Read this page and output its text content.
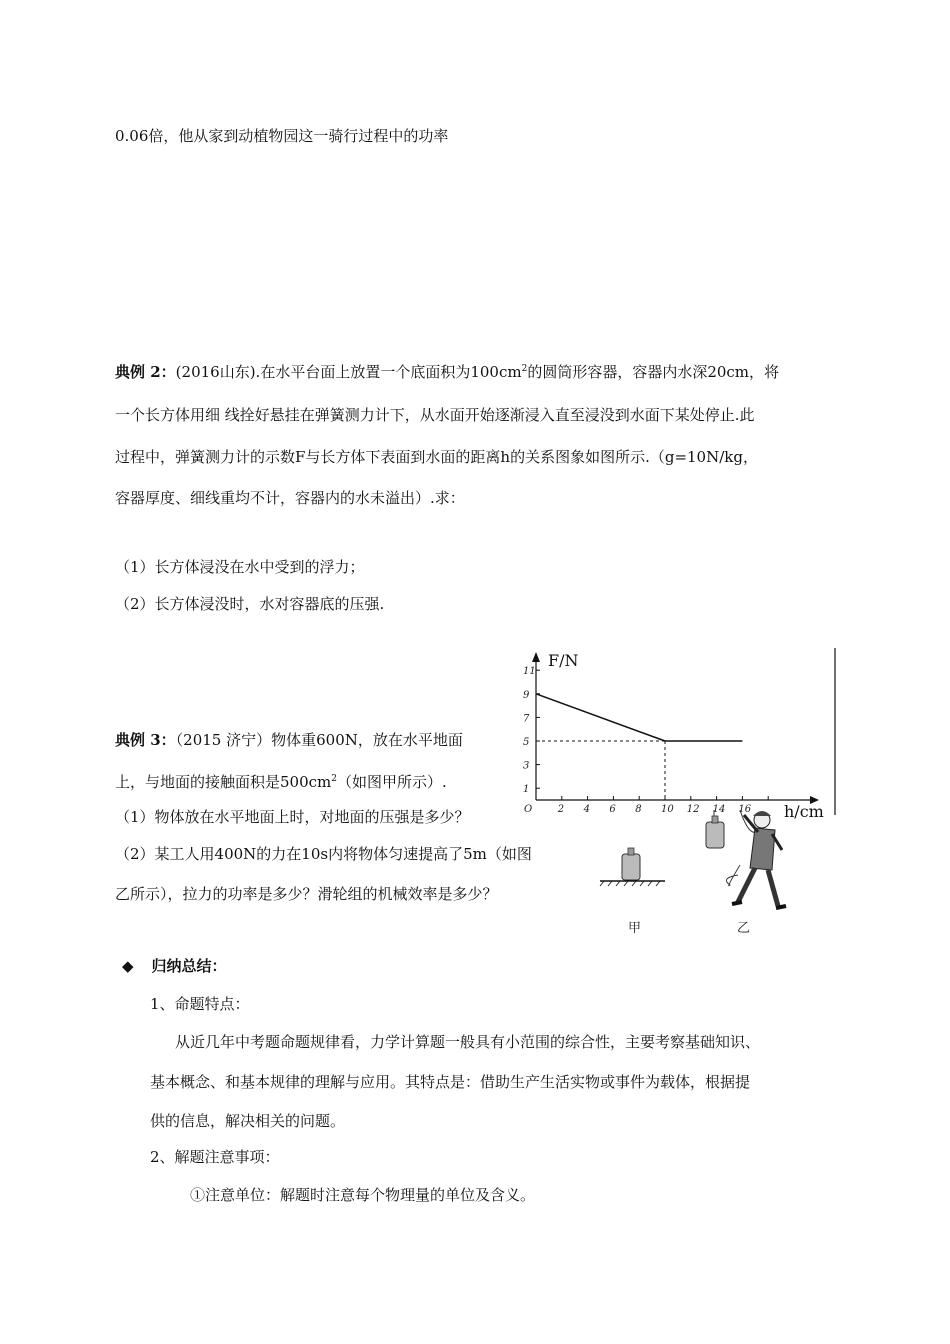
0.06倍，他从家到动植物园这一骑行过程中的功率
典例 2：(2016山东).在水平台面上放置一个底面积为$100cm^2$的圆筒形容器，容器内水深20cm，将
一个长方体用细 线拴好悬挂在弹簧测力计下，从水面开始逐渐浸入直至浸没到水面下某处停止.此
过程中，弹簧测力计的示数F与长方体下表面到水面的距离h的关系图象如图所示.（g=10N/kg，
容器厚度、细线重均不计，容器内的水未溢出）.求：
（1）长方体浸没在水中受到的浮力；
（2）长方体浸没时，水对容器底的压强.
2 4 6 8 10 12 14 16
1
3
5
7
9
11
F/N
h/cm
O
典例 3：（2015 济宁）物体重600N，放在水平地面
上，与地面的接触面积是$500cm^2$（如图甲所示）.
（1）物体放在水平地面上时，对地面的压强是多少？
（2）某工人用400N的力在10s内将物体匀速提高了5m（如图
乙所示），拉力的功率是多少？滑轮组的机械效率是多少？
甲	乙
◆ 归纳总结：
1、命题特点：
从近几年中考题命题规律看，力学计算题一般具有小范围的综合性，主要考察基础知识、
基本概念、和基本规律的理解与应用。其特点是：借助生产生活实物或事件为载体，根据提
供的信息，解决相关的问题。
2、解题注意事项：
①注意单位：解题时注意每个物理量的单位及含义。
